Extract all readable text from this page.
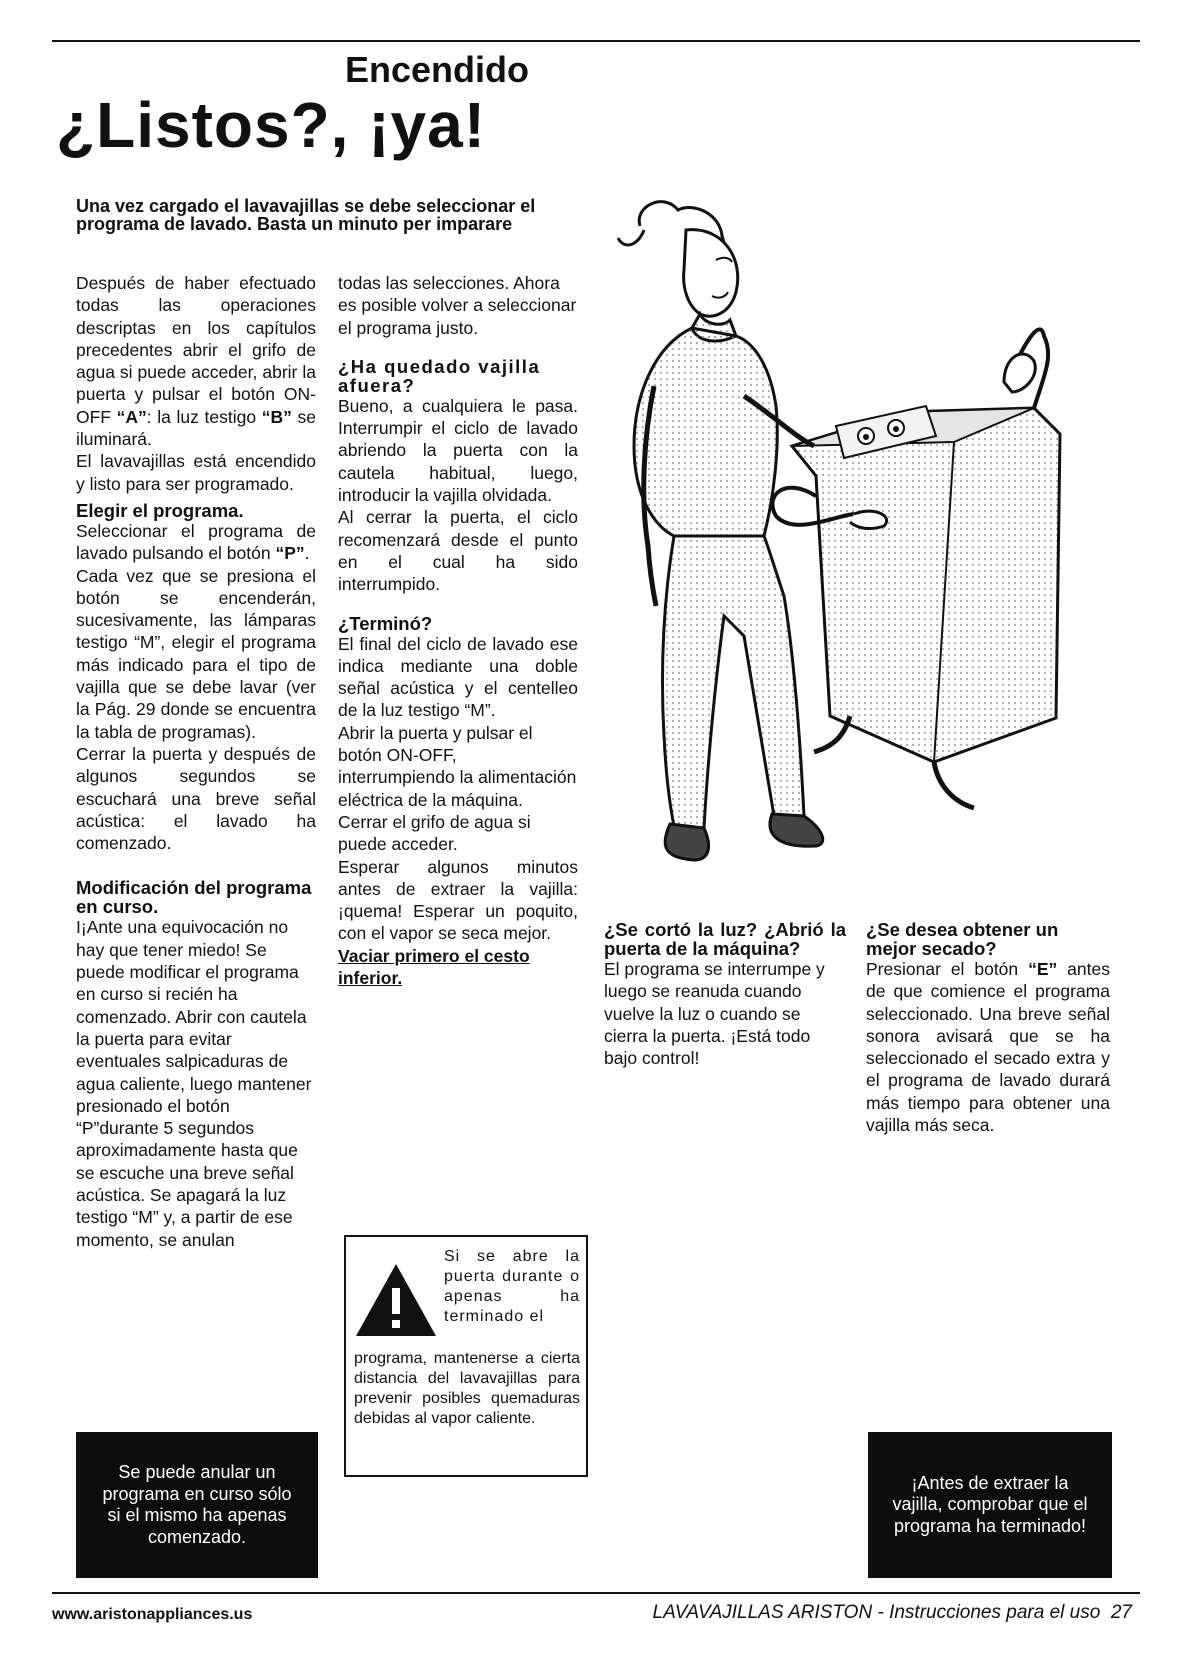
Encendido
¿Listos?, ¡ya!
Una vez cargado el lavavajillas se debe seleccionar el programa de lavado. Basta un minuto per imparare

Después de haber efectuado todas las operaciones descriptas en los capítulos precedentes abrir el grifo de agua si puede acceder, abrir la puerta y pulsar el botón ON-OFF “A”: la luz testigo “B” se iluminará.

El lavavajillas está encendido y listo para ser programado.

Elegir el programa.

Seleccionar el programa de lavado pulsando el botón “P”.

Cada vez que se presiona el botón se encenderán, sucesivamente, las lámparas testigo “M”, elegir el programa más indicado para el tipo de vajilla que se debe lavar (ver la Pág. 29 donde se encuentra la tabla de programas).

Cerrar la puerta y después de algunos segundos se escuchará una breve señal acústica: el lavado ha comenzado.

Modificación del programa en curso.

I¡Ante una equivocación no hay que tener miedo! Se puede modificar el programa en curso si recién ha comenzado. Abrir con cautela la puerta para evitar eventuales salpicaduras de agua caliente, luego mantener presionado el botón “P”durante 5 segundos aproximadamente hasta que se escuche una breve señal acústica. Se apagará la luz testigo “M” y, a partir de ese momento, se anulan

todas las selecciones. Ahora es posible volver a seleccionar el programa justo.

¿Ha quedado vajilla afuera?

Bueno, a cualquiera le pasa. Interrumpir el ciclo de lavado abriendo la puerta con la cautela habitual, luego, introducir la vajilla olvidada.

Al cerrar la puerta, el ciclo recomenzará desde el punto en el cual ha sido interrumpido.

¿Terminó?

El final del ciclo de lavado ese indica mediante una doble señal acústica y el centelleo de la luz testigo “M”.

Abrir la puerta y pulsar el botón ON-OFF, interrumpiendo la alimentación eléctrica de la máquina.

Cerrar el grifo de agua si puede acceder.

Esperar algunos minutos antes de extraer la vajilla: ¡quema! Esperar un poquito, con el vapor se seca mejor.

Vaciar primero el cesto inferior.

¿Se cortó la luz? ¿Abrió la puerta de la máquina?

El programa se interrumpe y luego se reanuda cuando vuelve la luz o cuando se cierra la puerta. ¡Está todo bajo control!

¿Se desea obtener un mejor secado?

Presionar el botón “E” antes de que comience el programa seleccionado. Una breve señal sonora avisará que se ha seleccionado el secado extra y el programa de lavado durará más tiempo para obtener una vajilla más seca.

Si se abre la puerta durante o apenas ha terminado el
programa, mantenerse a cierta distancia del lavavajillas para prevenir posibles quemaduras debidas al vapor caliente.
Se puede anular un programa en curso sólo si el mismo ha apenas comenzado.
¡Antes de extraer la vajilla, comprobar que el programa ha terminado!
www.aristonappliances.us	LAVAVAJILLAS ARISTON - Instrucciones para el uso 27
